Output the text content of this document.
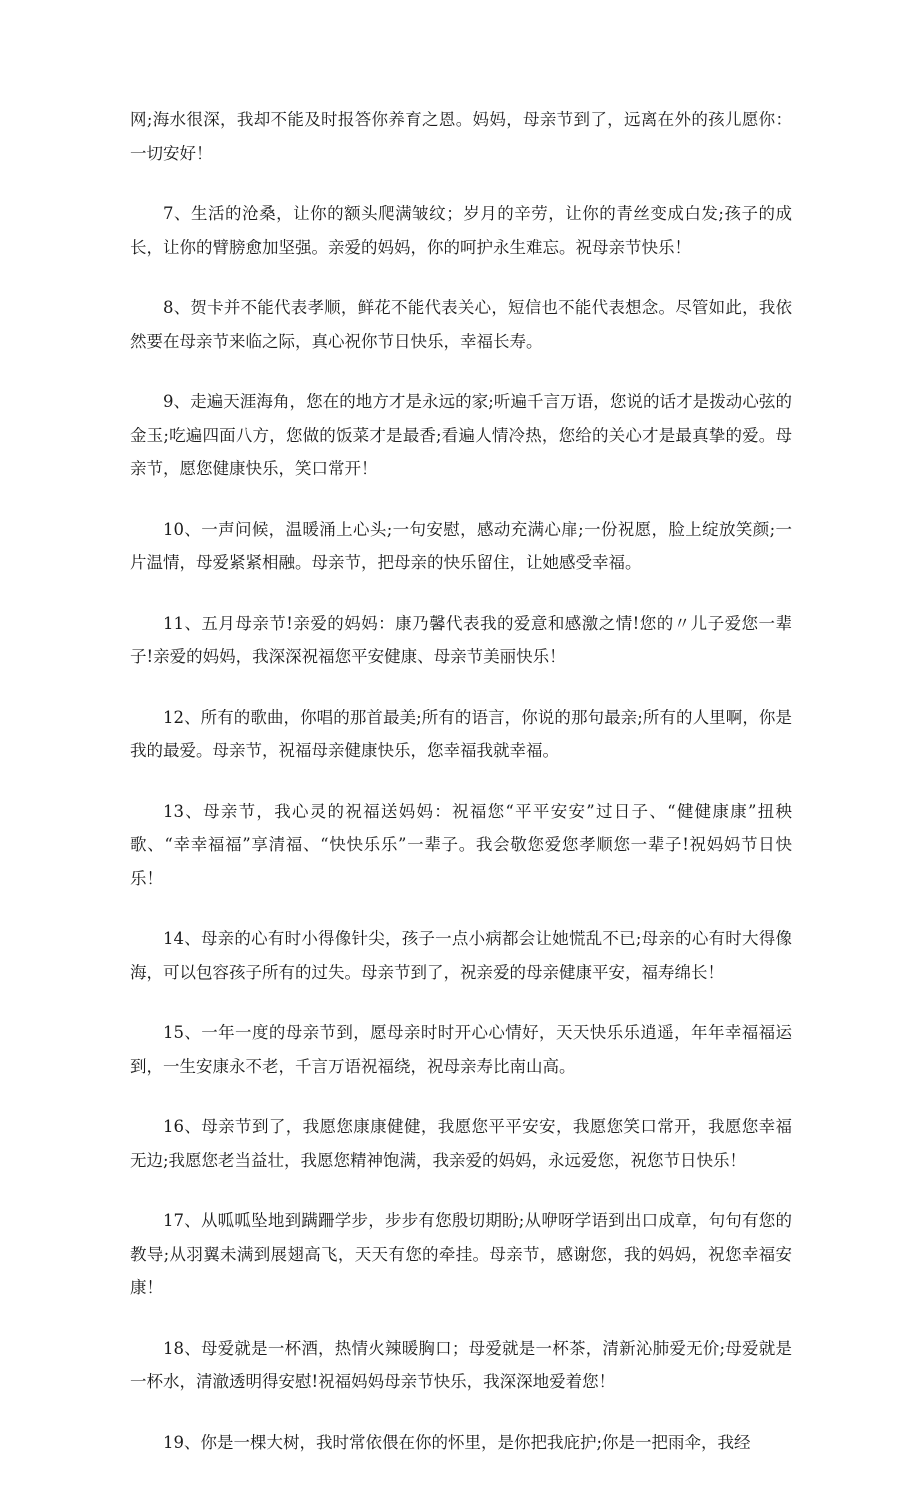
网;海水很深，我却不能及时报答你养育之恩。妈妈，母亲节到了，远离在外的孩儿愿你：一切安好！

7、生活的沧桑，让你的额头爬满皱纹；岁月的辛劳，让你的青丝变成白发;孩子的成长，让你的臂膀愈加坚强。亲爱的妈妈，你的呵护永生难忘。祝母亲节快乐！

8、贺卡并不能代表孝顺，鲜花不能代表关心，短信也不能代表想念。尽管如此，我依然要在母亲节来临之际，真心祝你节日快乐，幸福长寿。

9、走遍天涯海角，您在的地方才是永远的家;听遍千言万语，您说的话才是拨动心弦的金玉;吃遍四面八方，您做的饭菜才是最香;看遍人情冷热，您给的关心才是最真挚的爱。母亲节，愿您健康快乐，笑口常开！

10、一声问候，温暖涌上心头;一句安慰，感动充满心扉;一份祝愿，脸上绽放笑颜;一片温情，母爱紧紧相融。母亲节，把母亲的快乐留住，让她感受幸福。

11、五月母亲节!亲爱的妈妈：康乃馨代表我的爱意和感激之情!您的〃儿子爱您一辈子!亲爱的妈妈，我深深祝福您平安健康、母亲节美丽快乐！

12、所有的歌曲，你唱的那首最美;所有的语言，你说的那句最亲;所有的人里啊，你是我的最爱。母亲节，祝福母亲健康快乐，您幸福我就幸福。

13、母亲节，我心灵的祝福送妈妈：祝福您“平平安安”过日子、“健健康康”扭秧歌、“幸幸福福”享清福、“快快乐乐”一辈子。我会敬您爱您孝顺您一辈子!祝妈妈节日快乐！

14、母亲的心有时小得像针尖，孩子一点小病都会让她慌乱不已;母亲的心有时大得像海，可以包容孩子所有的过失。母亲节到了，祝亲爱的母亲健康平安，福寿绵长！

15、一年一度的母亲节到，愿母亲时时开心心情好，天天快乐乐逍遥，年年幸福福运到，一生安康永不老，千言万语祝福绕，祝母亲寿比南山高。

16、母亲节到了，我愿您康康健健，我愿您平平安安，我愿您笑口常开，我愿您幸福无边;我愿您老当益壮，我愿您精神饱满，我亲爱的妈妈，永远爱您，祝您节日快乐！

17、从呱呱坠地到蹒跚学步，步步有您殷切期盼;从咿呀学语到出口成章，句句有您的教导;从羽翼未满到展翅高飞，天天有您的牵挂。母亲节，感谢您，我的妈妈，祝您幸福安康！

18、母爱就是一杯酒，热情火辣暖胸口；母爱就是一杯茶，清新沁肺爱无价;母爱就是一杯水，清澈透明得安慰!祝福妈妈母亲节快乐，我深深地爱着您！

19、你是一棵大树，我时常依偎在你的怀里，是你把我庇护;你是一把雨伞，我经
